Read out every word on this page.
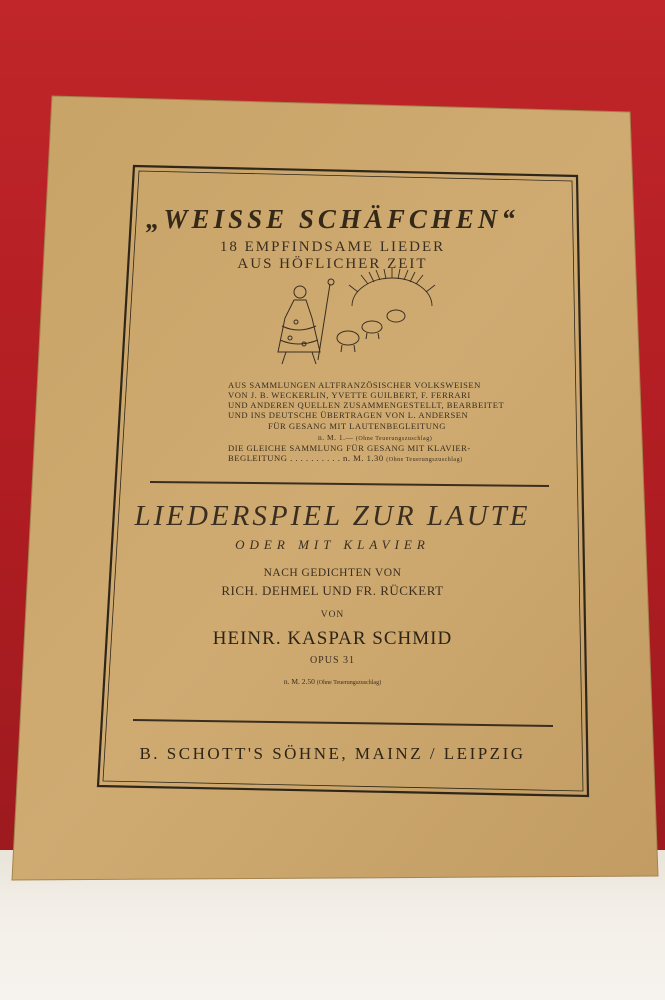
„WEISSE SCHÄFCHEN“
18 EMPFINDSAME LIEDER
AUS HÖFLICHER ZEIT
AUS SAMMLUNGEN ALTFRANZÖSISCHER VOLKSWEISEN
VON J. B. WECKERLIN, YVETTE GUILBERT, F. FERRARI
UND ANDEREN QUELLEN ZUSAMMENGESTELLT, BEARBEITET
UND INS DEUTSCHE ÜBERTRAGEN VON L. ANDERSEN
FÜR GESANG MIT LAUTENBEGLEITUNG
n. M. 1.— (Ohne Teuerungszuschlag)
DIE GLEICHE SAMMLUNG FÜR GESANG MIT KLAVIER-
BEGLEITUNG . . . . . . . . . . n. M. 1.30 (Ohne Teuerungszuschlag)
LIEDERSPIEL ZUR LAUTE
ODER MIT KLAVIER
NACH GEDICHTEN VON
RICH. DEHMEL UND FR. RÜCKERT
VON
HEINR. KASPAR SCHMID
OPUS 31
n. M. 2.50 (Ohne Teuerungszuschlag)
B. SCHOTT'S SÖHNE, MAINZ / LEIPZIG
